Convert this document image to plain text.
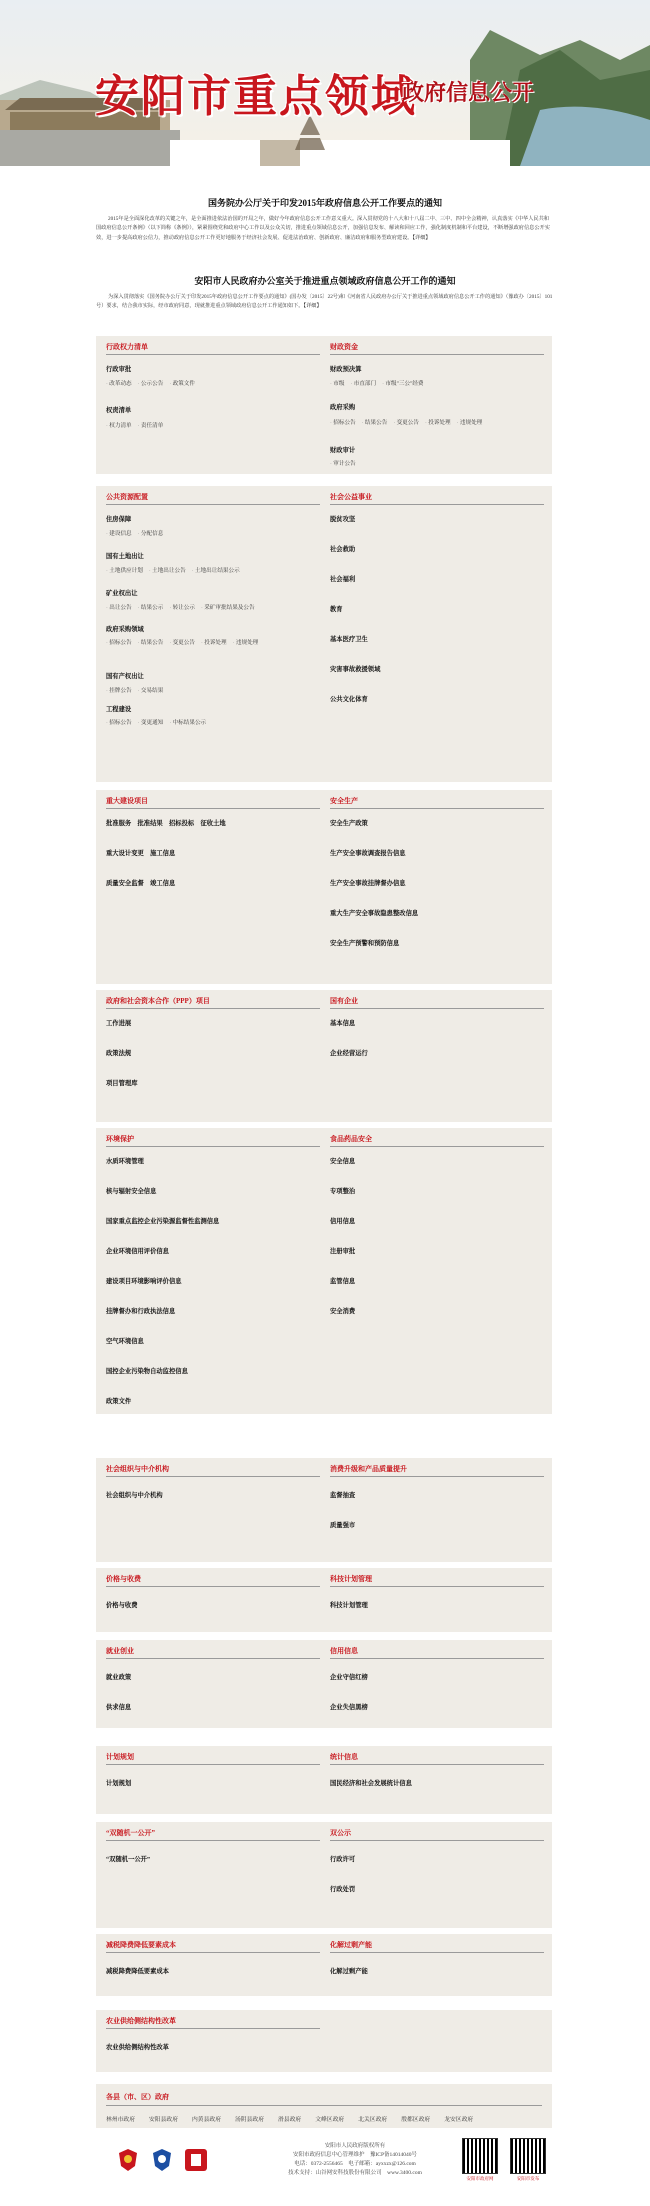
安阳市重点领域
政府信息公开
国务院办公厅关于印发2015年政府信息公开工作要点的通知

2015年是全面深化改革的关键之年，是全面推进依法治国的开局之年，做好今年政府信息公开工作意义重大。深入贯彻党的十八大和十八届二中、三中、四中全会精神，认真落实《中华人民共和国政府信息公开条例》（以下简称《条例》），紧紧围绕党和政府中心工作以及公众关切，推进重点领域信息公开，加强信息发布、解读和回应工作，强化制度机制和平台建设，不断增强政府信息公开实效，进一步提高政府公信力，推动政府信息公开工作更好地服务于经济社会发展、促进法治政府、创新政府、廉洁政府和服务型政府建设。【详细】

安阳市人民政府办公室关于推进重点领域政府信息公开工作的通知

为深入贯彻落实《国务院办公厅关于印发2015年政府信息公开工作要点的通知》(国办发〔2015〕22号)和《河南省人民政府办公厅关于推进重点领域政府信息公开工作的通知》（豫政办〔2015〕101号）要求，结合我市实际，经市政府同意，现就推进重点领域政府信息公开工作通知如下。【详细】

行政权力清单
行政审批
· 改革动态 · 公示公告 · 政策文件
权责清单
· 权力清单 · 责任清单
财政资金
财政预决算
· 市级 · 市直部门 · 市级"三公"经费
政府采购
· 招标公告 · 结果公告 · 变更公告 · 投诉处理 · 违规处理
财政审计
· 审计公告
公共资源配置
住房保障
· 建设信息 · 分配信息
国有土地出让
· 土地供应计划 · 土地出让公告 · 土地出让结果公示
矿业权出让
· 出让公告 · 结果公示 · 转让公示 · 采矿审批结果及公告
政府采购领域
· 招标公告 · 结果公告 · 变更公告 · 投诉处理 · 违规处理
国有产权出让
· 挂牌公告 · 交易结果
工程建设
· 招标公告 · 变更通知 · 中标结果公示
社会公益事业
脱贫攻坚
社会救助
社会福利
教育
基本医疗卫生
灾害事故救援领域
公共文化体育
重大建设项目
批准服务　批准结果　招标投标　征收土地
重大设计变更　施工信息
质量安全监督　竣工信息
安全生产
安全生产政策
生产安全事故调查报告信息
生产安全事故挂牌督办信息
重大生产安全事故隐患整改信息
安全生产预警和预防信息
政府和社会资本合作（PPP）项目
工作进展
政策法规
项目管理库
国有企业
基本信息
企业经营运行
环境保护
水质环境管理
核与辐射安全信息
国家重点监控企业污染源监督性监测信息
企业环境信用评价信息
建设项目环境影响评价信息
挂牌督办和行政执法信息
空气环境信息
国控企业污染物自动监控信息
政策文件
食品药品安全
安全信息
专项整治
信用信息
注册审批
监管信息
安全消费
社会组织与中介机构
社会组织与中介机构
消费升级和产品质量提升
监督抽查
质量强市
价格与收费
价格与收费
科技计划管理
科技计划管理
就业创业
就业政策
供求信息
信用信息
企业守信红榜
企业失信黑榜
计划规划
计划规划
统计信息
国民经济和社会发展统计信息
“双随机一公开”
“双随机一公开”
双公示
行政许可
行政处罚
减税降费降低要素成本
减税降费降低要素成本
化解过剩产能
化解过剩产能
农业供给侧结构性改革
农业供给侧结构性改革
各县（市、区）政府
林州市政府 安阳县政府 内黄县政府 汤阴县政府 滑县政府 文峰区政府 北关区政府 殷都区政府 龙安区政府
安阳市人民政府版权所有
安阳市政府信息中心管理维护　豫ICP备14014040号
电话：0372-2556465　电子邮箱：ayxxzx@126.com
技术支持：山谷网安科技股份有限公司　www.3400.com
安阳市政府网	安阳市发布
